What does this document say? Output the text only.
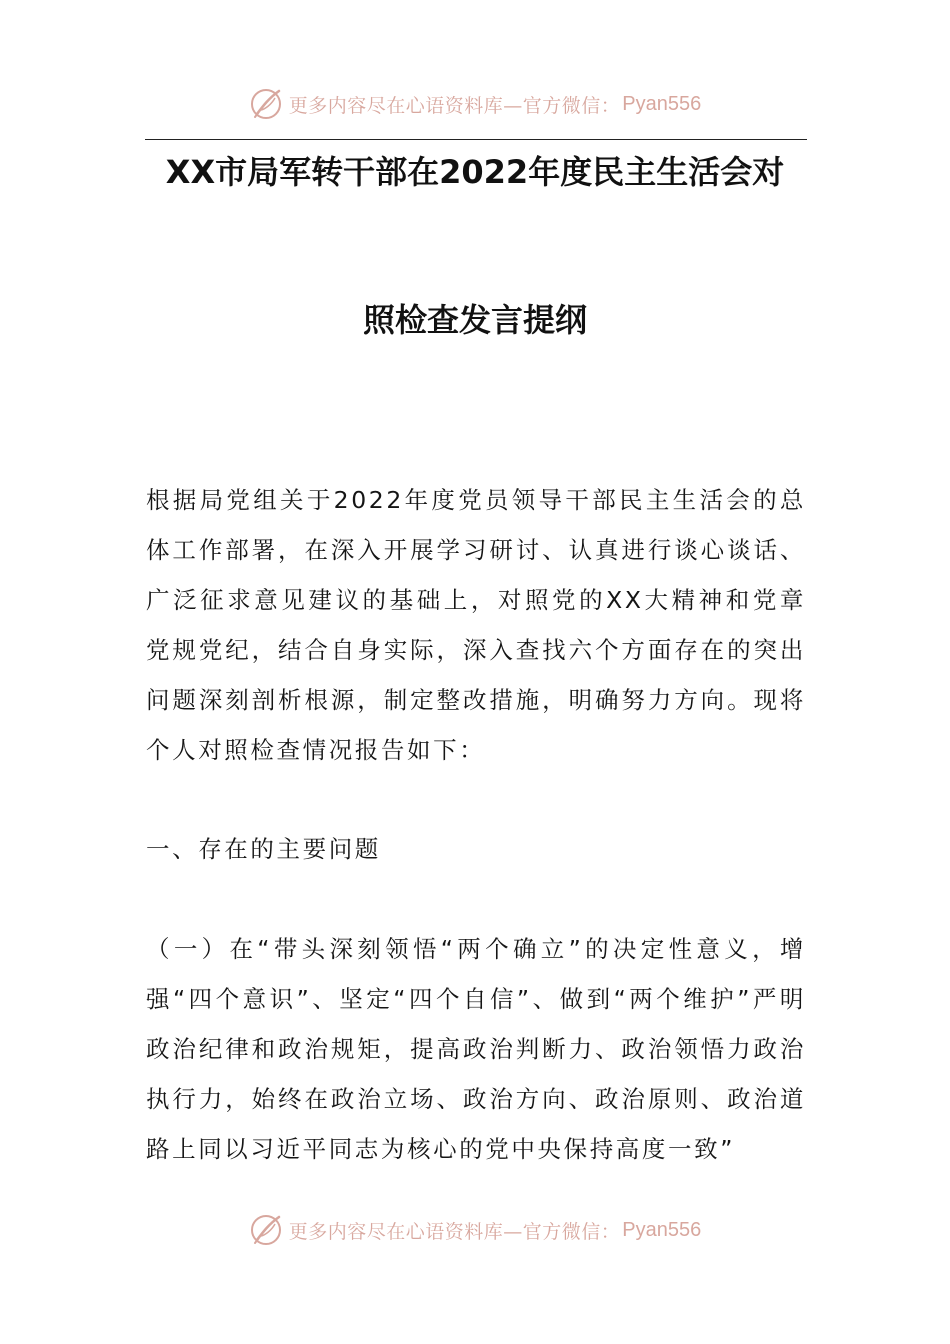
更多内容尽在心语资料库—官方微信： Pyan556
XX市局军转干部在2022年度民主生活会对
照检查发言提纲
根据局党组关于2022年度党员领导干部民主生活会的总体工作部署，在深入开展学习研讨、认真进行谈心谈话、广泛征求意见建议的基础上，对照党的XX大精神和党章党规党纪，结合自身实际，深入查找六个方面存在的突出问题深刻剖析根源，制定整改措施，明确努力方向。现将个人对照检查情况报告如下：
一、存在的主要问题
（一）在“带头深刻领悟“两个确立”的决定性意义，增强“四个意识”、坚定“四个自信”、做到“两个维护”严明政治纪律和政治规矩，提高政治判断力、政治领悟力政治执行力，始终在政治立场、政治方向、政治原则、政治道路上同以习近平同志为核心的党中央保持高度一致”
更多内容尽在心语资料库—官方微信： Pyan556
